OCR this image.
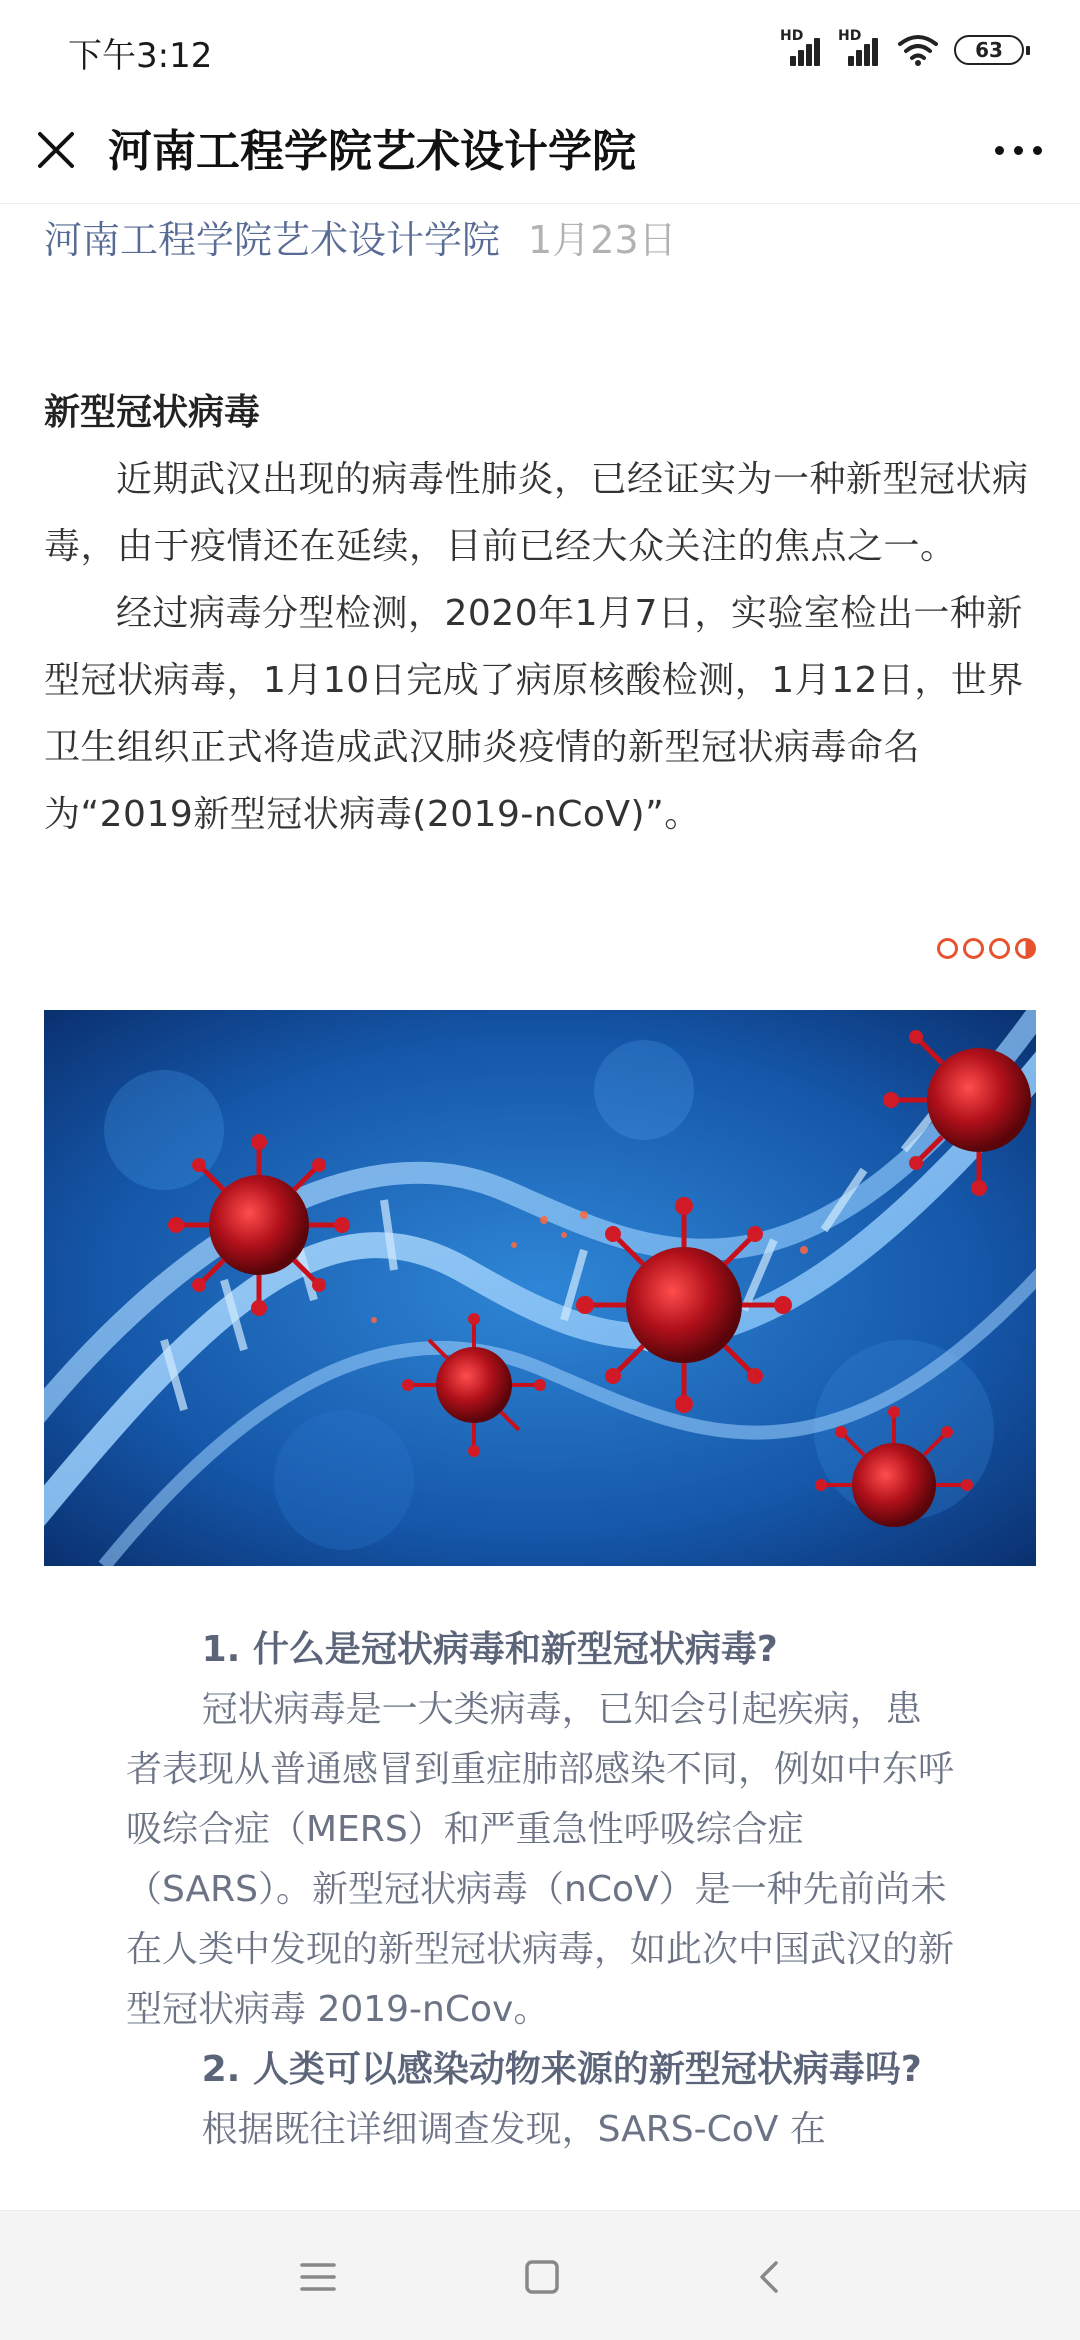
下午3:12	HD HD
63
河南工程学院艺术设计学院
河南工程学院艺术设计学院 1月23日
新型冠状病毒

近期武汉出现的病毒性肺炎，已经证实为一种新型冠状病毒，由于疫情还在延续，目前已经大众关注的焦点之一。

经过病毒分型检测，2020年1月7日，实验室检出一种新型冠状病毒，1月10日完成了病原核酸检测，1月12日，世界卫生组织正式将造成武汉肺炎疫情的新型冠状病毒命名为“2019新型冠状病毒(2019-nCoV)”。

1. 什么是冠状病毒和新型冠状病毒?

冠状病毒是一大类病毒，已知会引起疾病，患者表现从普通感冒到重症肺部感染不同，例如中东呼吸综合症（MERS）和严重急性呼吸综合症（SARS）。新型冠状病毒（nCoV）是一种先前尚未在人类中发现的新型冠状病毒，如此次中国武汉的新型冠状病毒 2019-nCov。

2. 人类可以感染动物来源的新型冠状病毒吗?

根据既往详细调查发现，SARS-CoV 在
